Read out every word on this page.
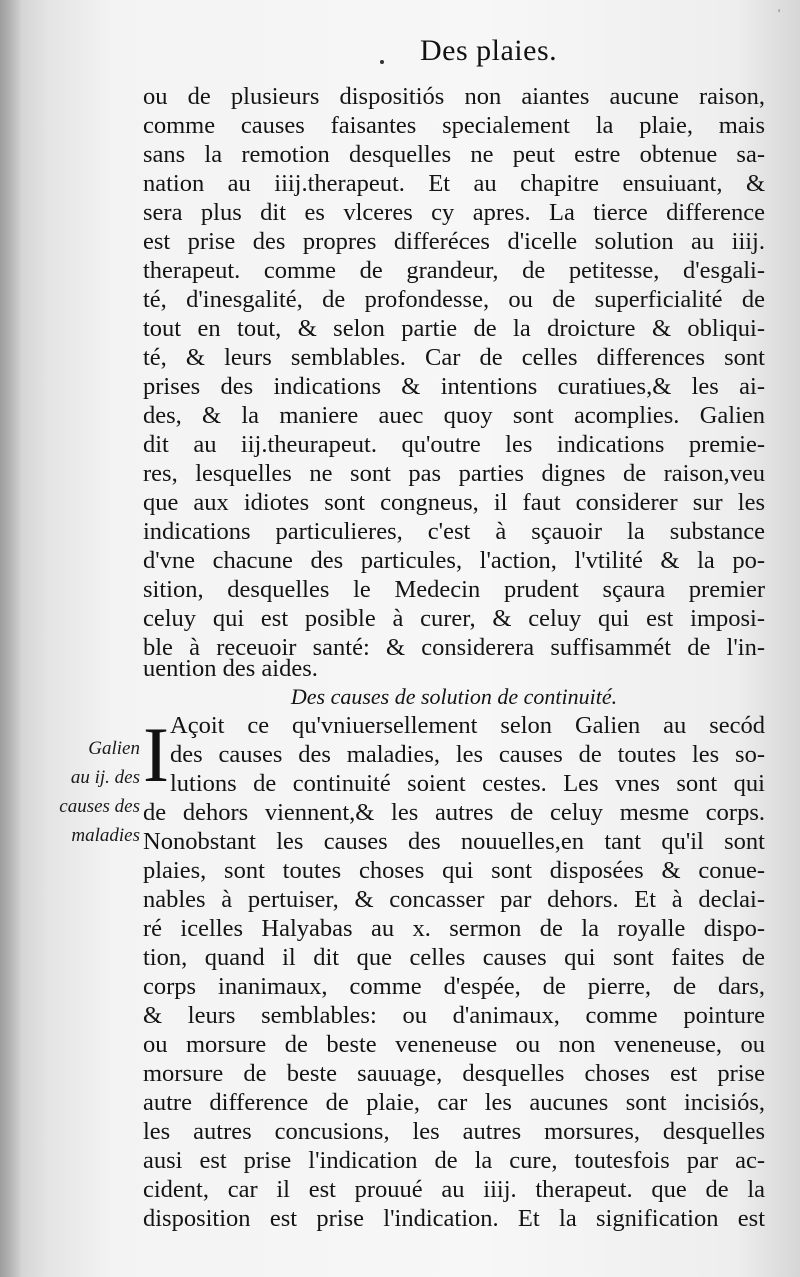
'
Des plaies.
ou de plusieurs dispositiós non aiantes aucune raison,
comme causes faisantes specialement la plaie, mais
sans la remotion desquelles ne peut estre obtenue sa-
nation au iiij.therapeut. Et au chapitre ensuiuant, &
sera plus dit es vlceres cy apres. La tierce difference
est prise des propres differéces d'icelle solution au iiij.
therapeut. comme de grandeur, de petitesse, d'esgali-
té, d'inesgalité, de profondesse, ou de superficialité de
tout en tout, & selon partie de la droicture & obliqui-
té, & leurs semblables. Car de celles differences sont
prises des indications & intentions curatiues,& les ai-
des, & la maniere auec quoy sont acomplies. Galien
dit au iij.theurapeut. qu'outre les indications premie-
res, lesquelles ne sont pas parties dignes de raison,veu
que aux idiotes sont congneus, il faut considerer sur les
indications particulieres, c'est à sçauoir la substance
d'vne chacune des particules, l'action, l'vtilité & la po-
sition, desquelles le Medecin prudent sçaura premier
celuy qui est posible à curer, & celuy qui est imposi-
ble à receuoir santé: & considerera suffisammét de l'in-
uention des aides.
Des causes de solution de continuité.
Galien
au ij. des
causes des
maladies
I Açoit ce qu'vniuersellement selon Galien au secód
des causes des maladies, les causes de toutes les so-
lutions de continuité soient cestes. Les vnes sont qui
de dehors viennent,& les autres de celuy mesme corps.
Nonobstant les causes des nouuelles,en tant qu'il sont
plaies, sont toutes choses qui sont disposées & conue-
nables à pertuiser, & concasser par dehors. Et à declai-
ré icelles Halyabas au x. sermon de la royalle dispo-
tion, quand il dit que celles causes qui sont faites de
corps inanimaux, comme d'espée, de pierre, de dars,
& leurs semblables: ou d'animaux, comme pointure
ou morsure de beste veneneuse ou non veneneuse, ou
morsure de beste sauuage, desquelles choses est prise
autre difference de plaie, car les aucunes sont incisiós,
les autres concusions, les autres morsures, desquelles
ausi est prise l'indication de la cure, toutesfois par ac-
cident, car il est prouué au iiij. therapeut. que de la
disposition est prise l'indication. Et la signification est
